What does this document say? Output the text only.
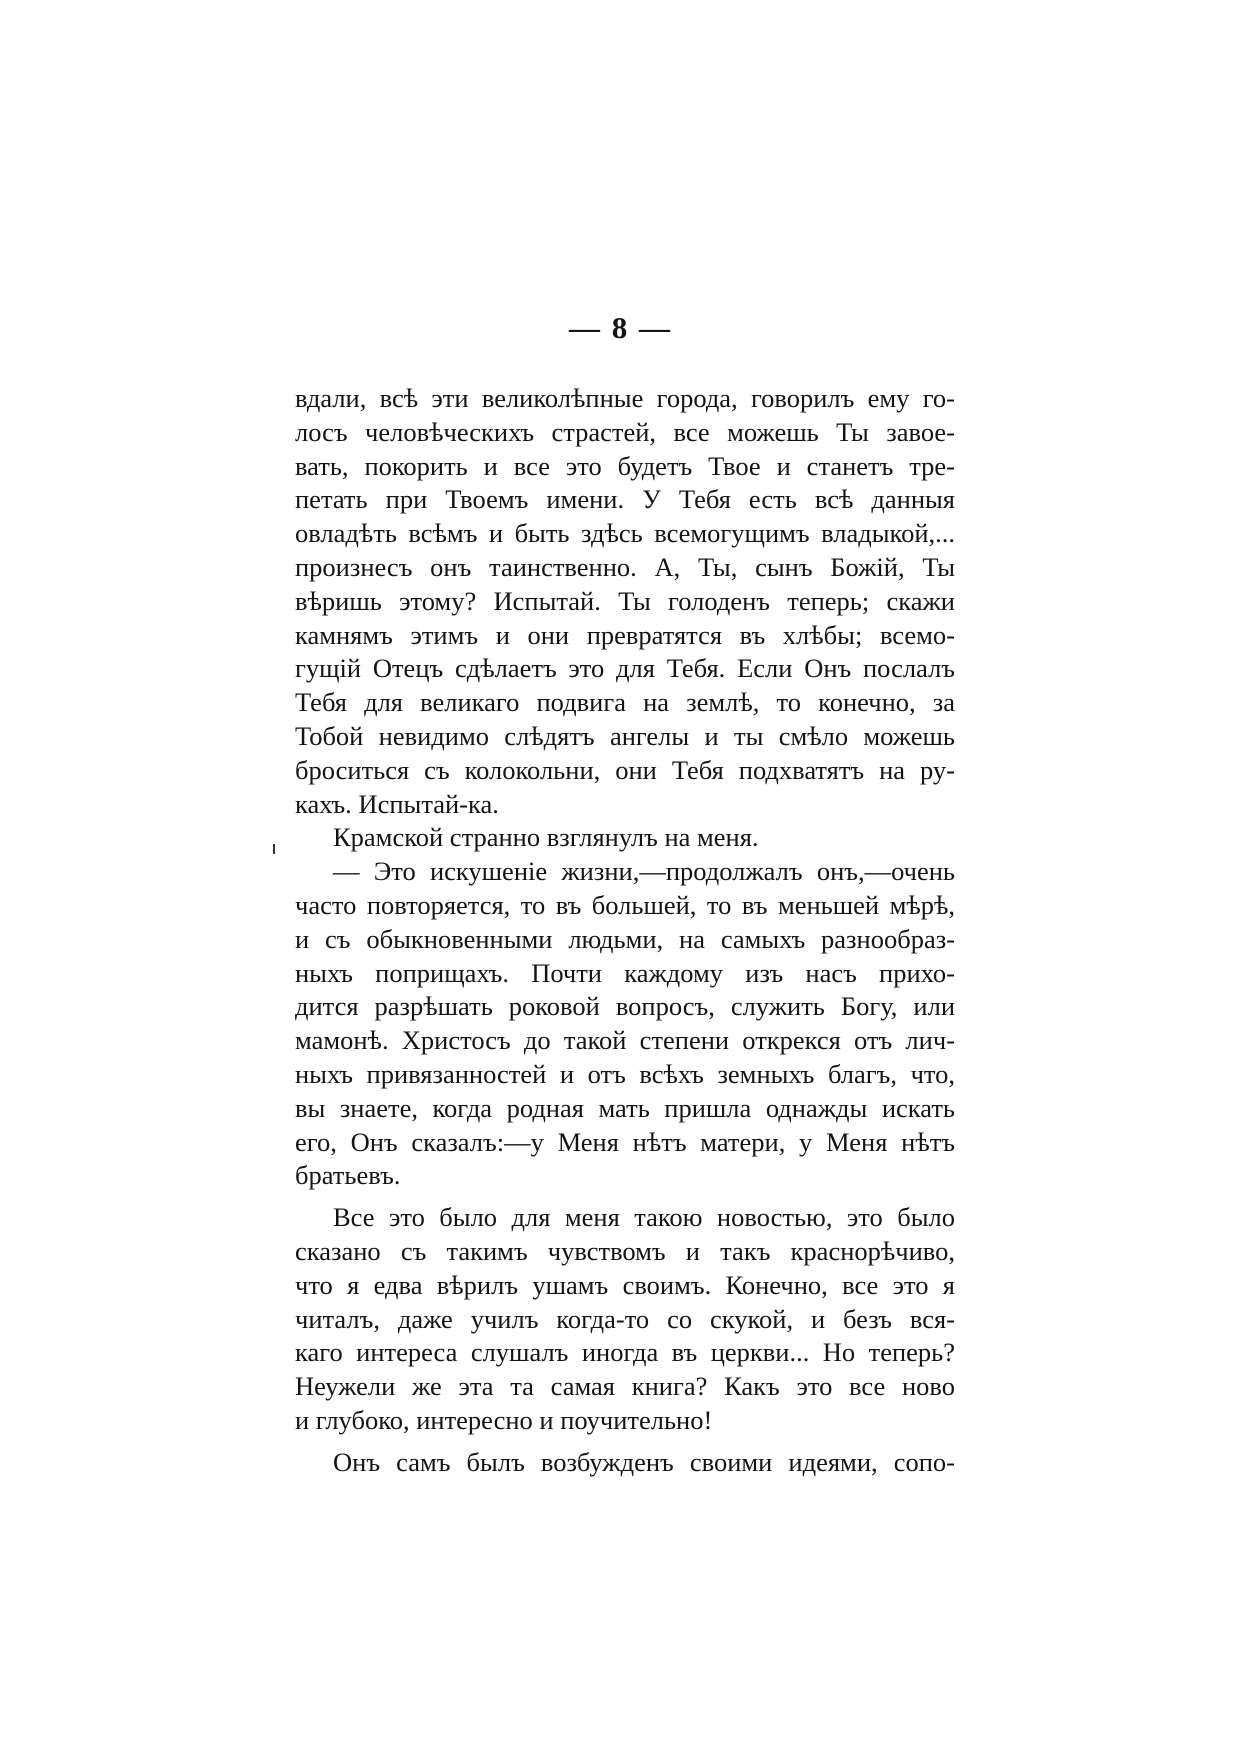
— 8 —
вдали, всѣ эти великолѣпные города, говорилъ ему го-
лосъ человѣческихъ страстей, все можешь Ты завое-
вать, покорить и все это будетъ Твое и станетъ тре-
петать при Твоемъ имени. У Тебя есть всѣ данныя
овладѣть всѣмъ и быть здѣсь всемогущимъ владыкой,...
произнесъ онъ таинственно. А, Ты, сынъ Божій, Ты
вѣришь этому? Испытай. Ты голоденъ теперь; скажи
камнямъ этимъ и они превратятся въ хлѣбы; всемо-
гущій Отецъ сдѣлаетъ это для Тебя. Если Онъ послалъ
Тебя для великаго подвига на землѣ, то конечно, за
Тобой невидимо слѣдятъ ангелы и ты смѣло можешь
броситься съ колокольни, они Тебя подхватятъ на ру-
кахъ. Испытай-ка.
Крамской странно взглянулъ на меня.
— Это искушеніе жизни,—продолжалъ онъ,—очень
часто повторяется, то въ большей, то въ меньшей мѣрѣ,
и съ обыкновенными людьми, на самыхъ разнообраз-
ныхъ поприщахъ. Почти каждому изъ насъ прихо-
дится разрѣшать роковой вопросъ, служить Богу, или
мамонѣ. Христосъ до такой степени открекся отъ лич-
ныхъ привязанностей и отъ всѣхъ земныхъ благъ, что,
вы знаете, когда родная мать пришла однажды искать
его, Онъ сказалъ:—у Меня нѣтъ матери, у Меня нѣтъ
братьевъ.
Все это было для меня такою новостью, это было
сказано съ такимъ чувствомъ и такъ краснорѣчиво,
что я едва вѣрилъ ушамъ своимъ. Конечно, все это я
читалъ, даже училъ когда-то со скукой, и безъ вся-
каго интереса слушалъ иногда въ церкви... Но теперь?
Неужели же эта та самая книга? Какъ это все ново
и глубоко, интересно и поучительно!
Онъ самъ былъ возбужденъ своими идеями, сопо-
